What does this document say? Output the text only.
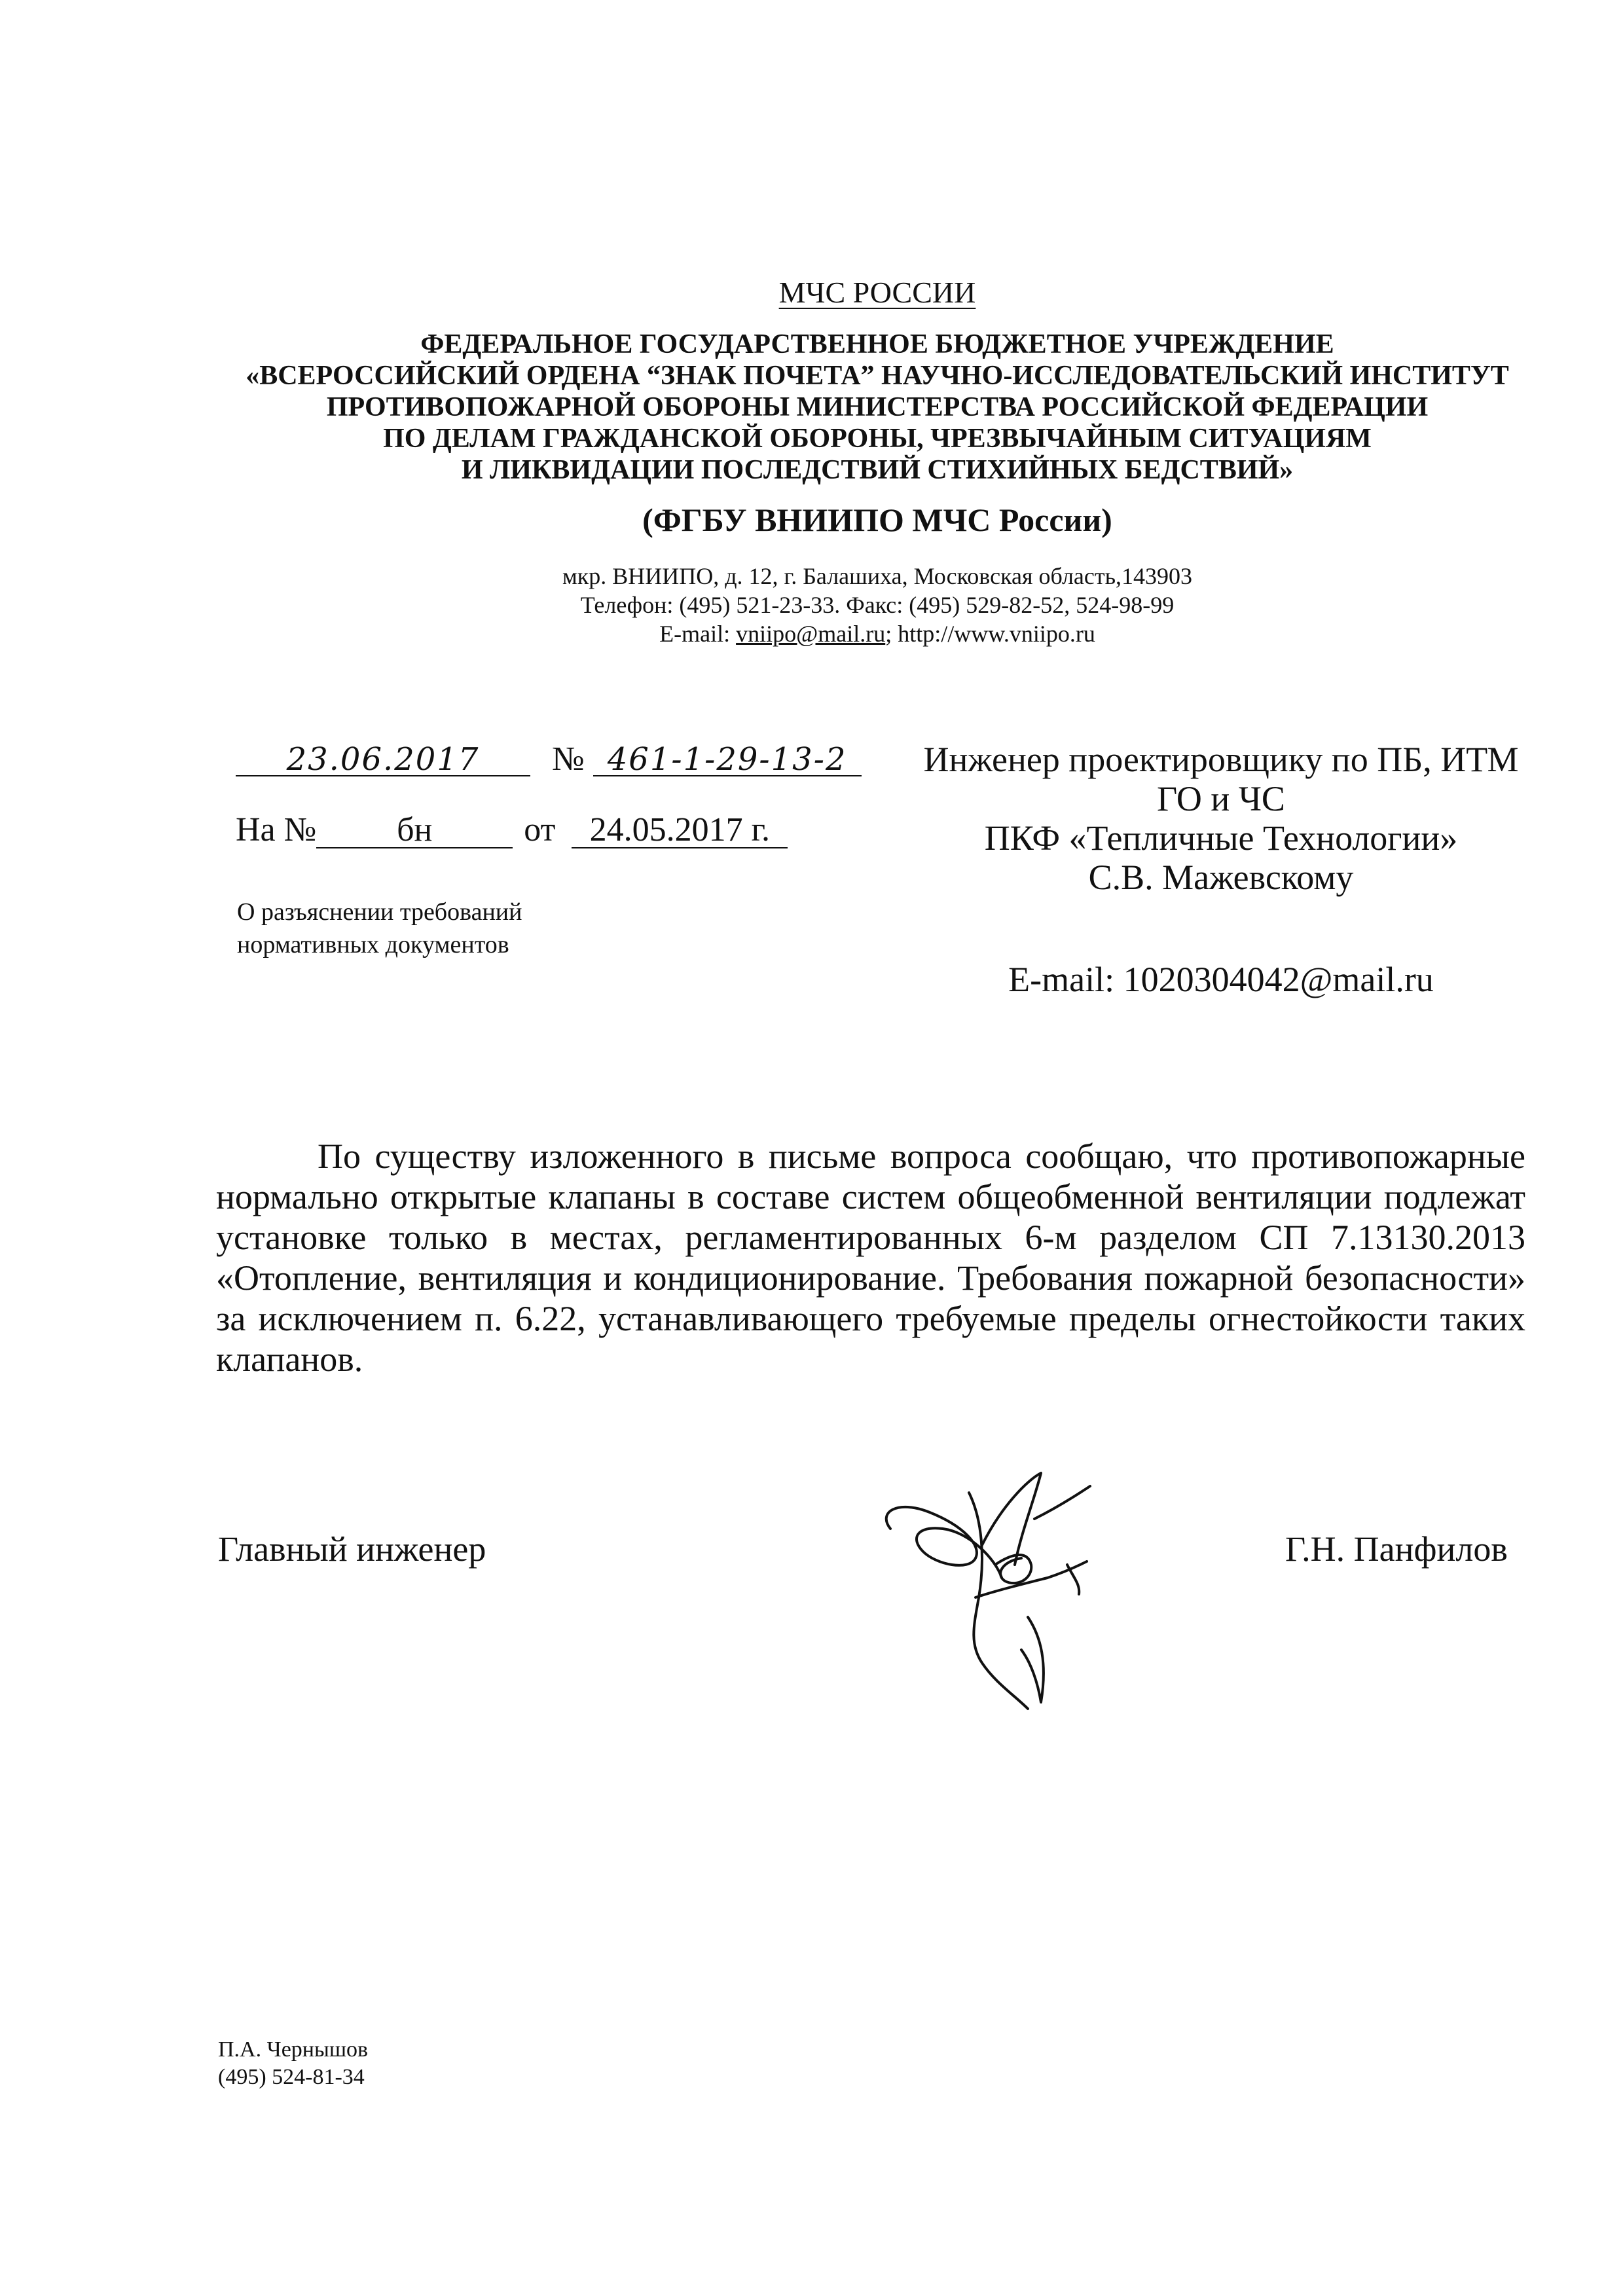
МЧС РОССИИ
ФЕДЕРАЛЬНОЕ ГОСУДАРСТВЕННОЕ БЮДЖЕТНОЕ УЧРЕЖДЕНИЕ
«ВСЕРОССИЙСКИЙ ОРДЕНА “ЗНАК ПОЧЕТА” НАУЧНО-ИССЛЕДОВАТЕЛЬСКИЙ ИНСТИТУТ
ПРОТИВОПОЖАРНОЙ ОБОРОНЫ МИНИСТЕРСТВА РОССИЙСКОЙ ФЕДЕРАЦИИ
ПО ДЕЛАМ ГРАЖДАНСКОЙ ОБОРОНЫ, ЧРЕЗВЫЧАЙНЫМ СИТУАЦИЯМ
И ЛИКВИДАЦИИ ПОСЛЕДСТВИЙ СТИХИЙНЫХ БЕДСТВИЙ»
(ФГБУ ВНИИПО МЧС России)
мкр. ВНИИПО, д. 12, г. Балашиха, Московская область,143903
Телефон: (495) 521-23-33. Факс: (495) 529-82-52, 524-98-99
E-mail: vniipo@mail.ru; http://www.vniipo.ru
23.06.2017 № 461-1-29-13-2
На № бн	от 24.05.2017 г.
О разъяснении требований
нормативных документов
Инженер проектировщику по ПБ, ИТМ
ГО и ЧС
ПКФ «Тепличные Технологии»
С.В. Мажевскому
E-mail: 1020304042@mail.ru
По существу изложенного в письме вопроса сообщаю, что противопожарные нормально открытые клапаны в составе систем общеобменной вентиляции подлежат установке только в местах, регламентированных 6-м разделом СП 7.13130.2013 «Отопление, вентиляция и кондиционирование. Требования пожарной безопасности» за исключением п. 6.22, устанавливающего требуемые пределы огнестойкости таких клапанов.
Главный инженер	Г.Н. Панфилов
П.А. Чернышов
(495) 524-81-34
